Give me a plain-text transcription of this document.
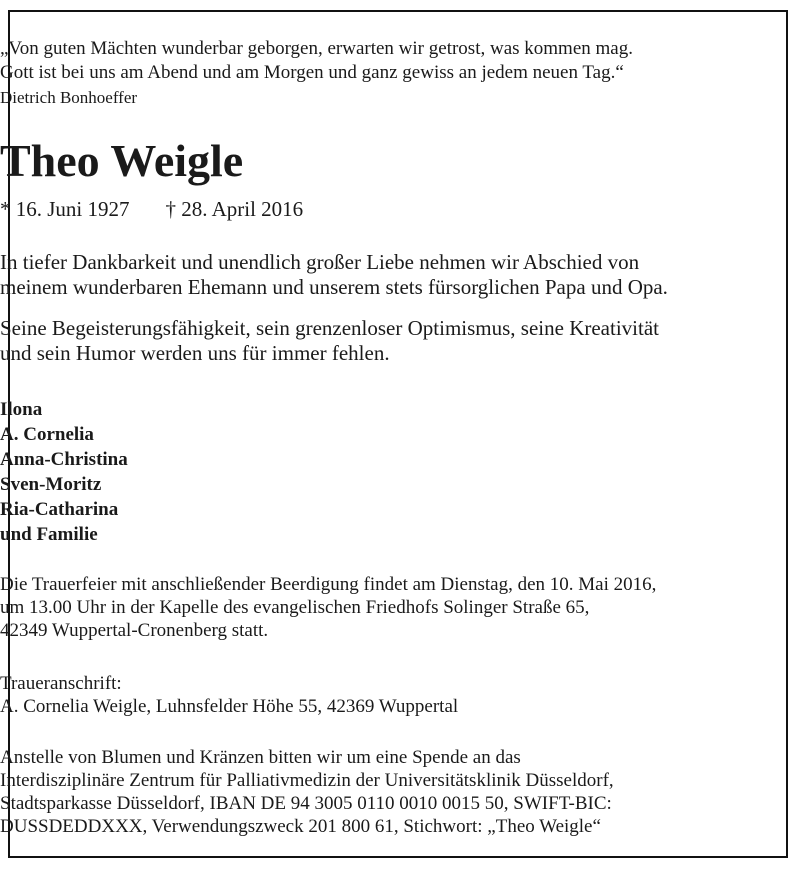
„Von guten Mächten wunderbar geborgen, erwarten wir getrost, was kommen mag.
Gott ist bei uns am Abend und am Morgen und ganz gewiss an jedem neuen Tag.“
Dietrich Bonhoeffer
Theo Weigle
* 16. Juni 1927 † 28. April 2016
In tiefer Dankbarkeit und unendlich großer Liebe nehmen wir Abschied von
meinem wunderbaren Ehemann und unserem stets fürsorglichen Papa und Opa.
Seine Begeisterungsfähigkeit, sein grenzenloser Optimismus, seine Kreativität
und sein Humor werden uns für immer fehlen.
Ilona
A. Cornelia
Anna-Christina
Sven-Moritz
Ria-Catharina
und Familie
Die Trauerfeier mit anschließender Beerdigung findet am Dienstag, den 10. Mai 2016,
um 13.00 Uhr in der Kapelle des evangelischen Friedhofs Solinger Straße 65,
42349 Wuppertal-Cronenberg statt.
Traueranschrift:
A. Cornelia Weigle, Luhnsfelder Höhe 55, 42369 Wuppertal
Anstelle von Blumen und Kränzen bitten wir um eine Spende an das
Interdisziplinäre Zentrum für Palliativmedizin der Universitätsklinik Düsseldorf,
Stadtsparkasse Düsseldorf, IBAN DE 94 3005 0110 0010 0015 50, SWIFT-BIC:
DUSSDEDDXXX, Verwendungszweck 201 800 61, Stichwort: „Theo Weigle“
